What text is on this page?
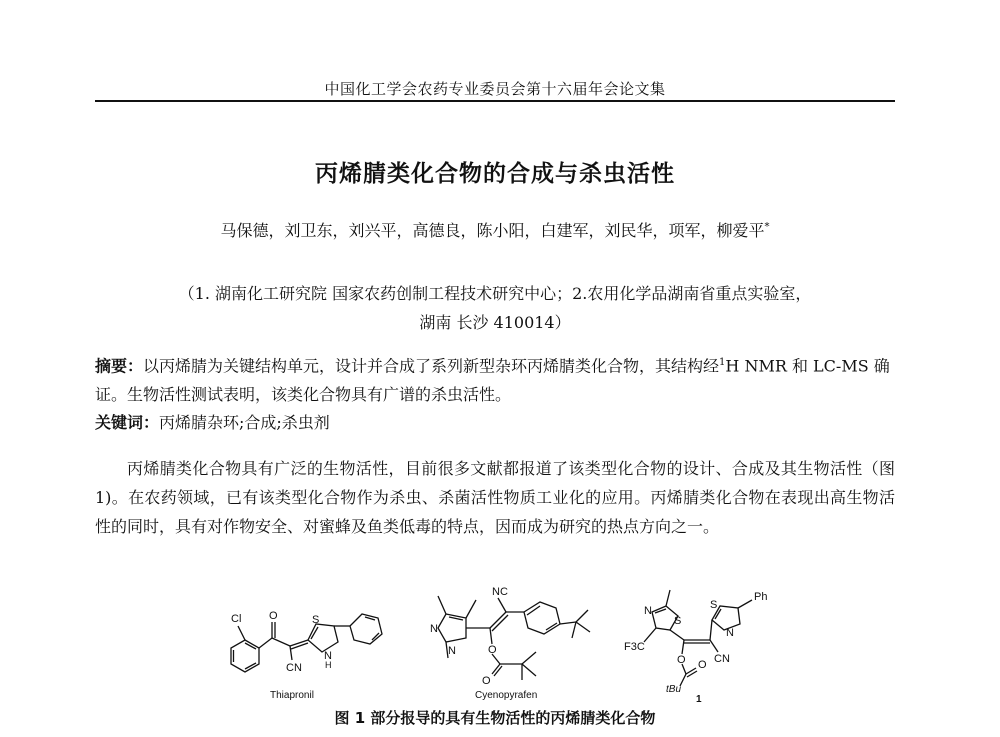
中国化工学会农药专业委员会第十六届年会论文集
丙烯腈类化合物的合成与杀虫活性
马保德，刘卫东，刘兴平，高德良，陈小阳，白建军，刘民华，项军，柳爱平*
（1. 湖南化工研究院 国家农药创制工程技术研究中心；2.农用化学品湖南省重点实验室，
湖南 长沙 410014）
摘要：以丙烯腈为关键结构单元，设计并合成了系列新型杂环丙烯腈类化合物，其结构经$^1$H NMR 和 LC-MS 确证。生物活性测试表明，该类化合物具有广谱的杀虫活性。
关键词：丙烯腈杂环;合成;杀虫剂
丙烯腈类化合物具有广泛的生物活性，目前很多文献都报道了该类型化合物的设计、合成及其生物活性（图 1)。在农药领域，已有该类型化合物作为杀虫、杀菌活性物质工业化的应用。丙烯腈类化合物在表现出高生物活性的同时，具有对作物安全、对蜜蜂及鱼类低毒的特点，因而成为研究的热点方向之一。
Cl	O	S
N
H
CN
Thiapronil
NC
N
N	O
O
Cyenopyrafen
S
N
F3C
S
N
Ph
CN
O O
tBu
1
图 1 部分报导的具有生物活性的丙烯腈类化合物
